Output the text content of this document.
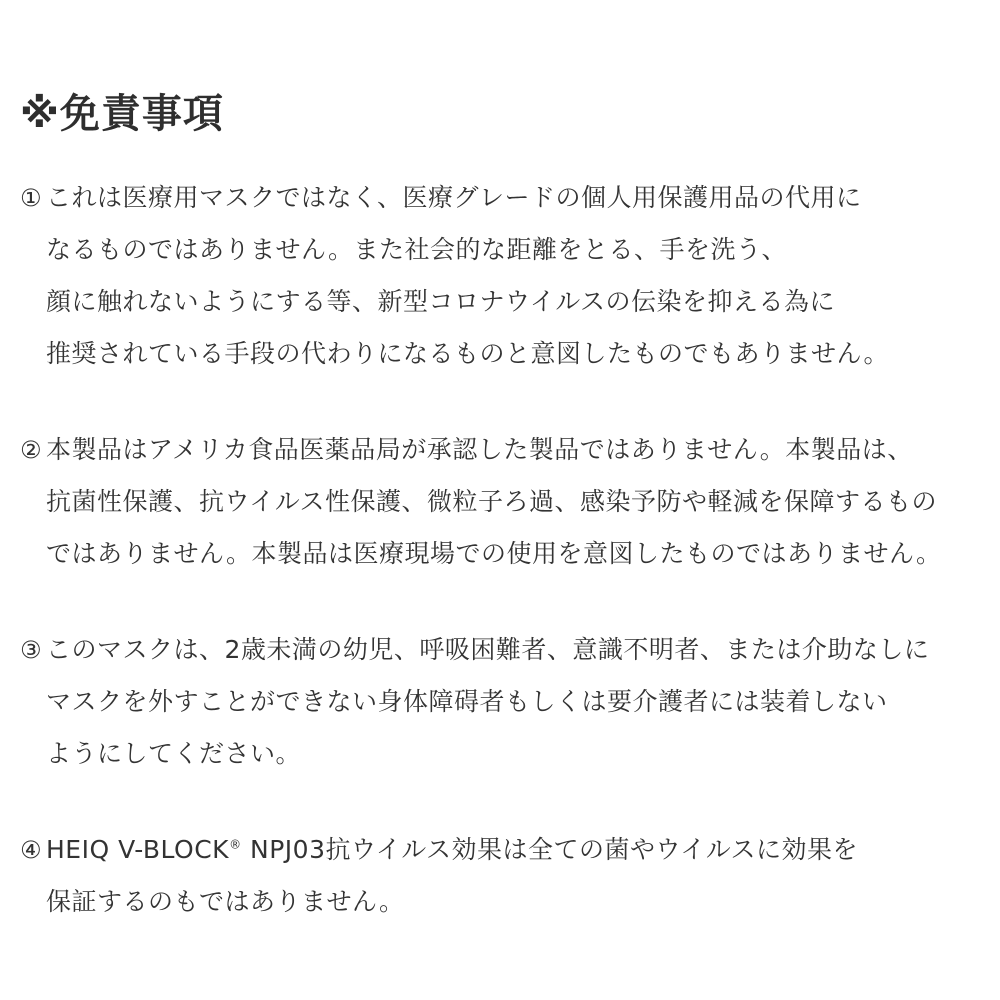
※免責事項
① これは医療用マスクではなく、医療グレードの個人用保護用品の代用に
なるものではありません。また社会的な距離をとる、手を洗う、
顔に触れないようにする等、新型コロナウイルスの伝染を抑える為に
推奨されている手段の代わりになるものと意図したものでもありません。
② 本製品はアメリカ食品医薬品局が承認した製品ではありません。本製品は、
抗菌性保護、抗ウイルス性保護、微粒子ろ過、感染予防や軽減を保障するもの
ではありません。本製品は医療現場での使用を意図したものではありません。
③ このマスクは、2歳未満の幼児、呼吸困難者、意識不明者、または介助なしに
マスクを外すことができない身体障碍者もしくは要介護者には装着しない
ようにしてください。
④ HEIQ V-BLOCK® NPJ03抗ウイルス効果は全ての菌やウイルスに効果を
保証するのもではありません。
